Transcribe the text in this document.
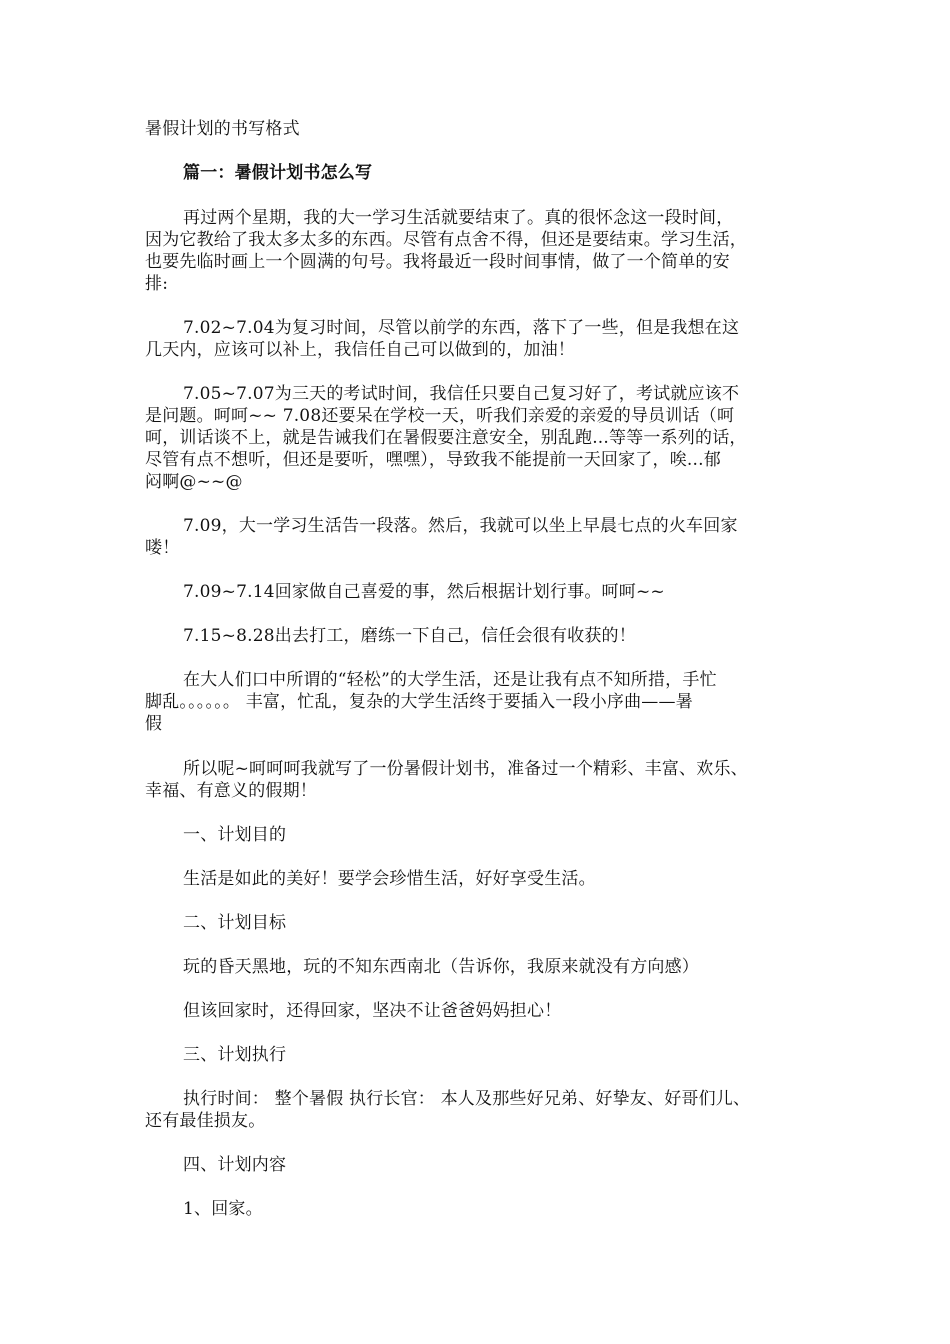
暑假计划的书写格式
篇一：暑假计划书怎么写
再过两个星期，我的大一学习生活就要结束了。真的很怀念这一段时间，
因为它教给了我太多太多的东西。尽管有点舍不得，但还是要结束。学习生活，
也要先临时画上一个圆满的句号。我将最近一段时间事情，做了一个简单的安
排:
7.02~7.04为复习时间，尽管以前学的东西，落下了一些，但是我想在这
几天内，应该可以补上，我信任自己可以做到的，加油！
7.05~7.07为三天的考试时间，我信任只要自己复习好了，考试就应该不
是问题。呵呵~~ 7.08还要呆在学校一天，听我们亲爱的亲爱的导员训话（呵
呵，训话谈不上，就是告诫我们在暑假要注意安全，别乱跑...等等一系列的话，
尽管有点不想听，但还是要听，嘿嘿），导致我不能提前一天回家了，唉...郁
闷啊@~~@
7.09，大一学习生活告一段落。然后，我就可以坐上早晨七点的火车回家
喽！
7.09~7.14回家做自己喜爱的事，然后根据计划行事。呵呵~~
7.15~8.28出去打工，磨练一下自己，信任会很有收获的！
在大人们口中所谓的“轻松”的大学生活，还是让我有点不知所措，手忙
脚乱。。。。。。 丰富，忙乱，复杂的大学生活终于要插入一段小序曲——暑
假
所以呢~呵呵呵我就写了一份暑假计划书，准备过一个精彩、丰富、欢乐、
幸福、有意义的假期！
一、计划目的
生活是如此的美好！要学会珍惜生活，好好享受生活。
二、计划目标
玩的昏天黑地，玩的不知东西南北（告诉你，我原来就没有方向感）
但该回家时，还得回家，坚决不让爸爸妈妈担心！
三、计划执行
执行时间： 整个暑假 执行长官： 本人及那些好兄弟、好挚友、好哥们儿、
还有最佳损友。
四、计划内容
1、回家。
